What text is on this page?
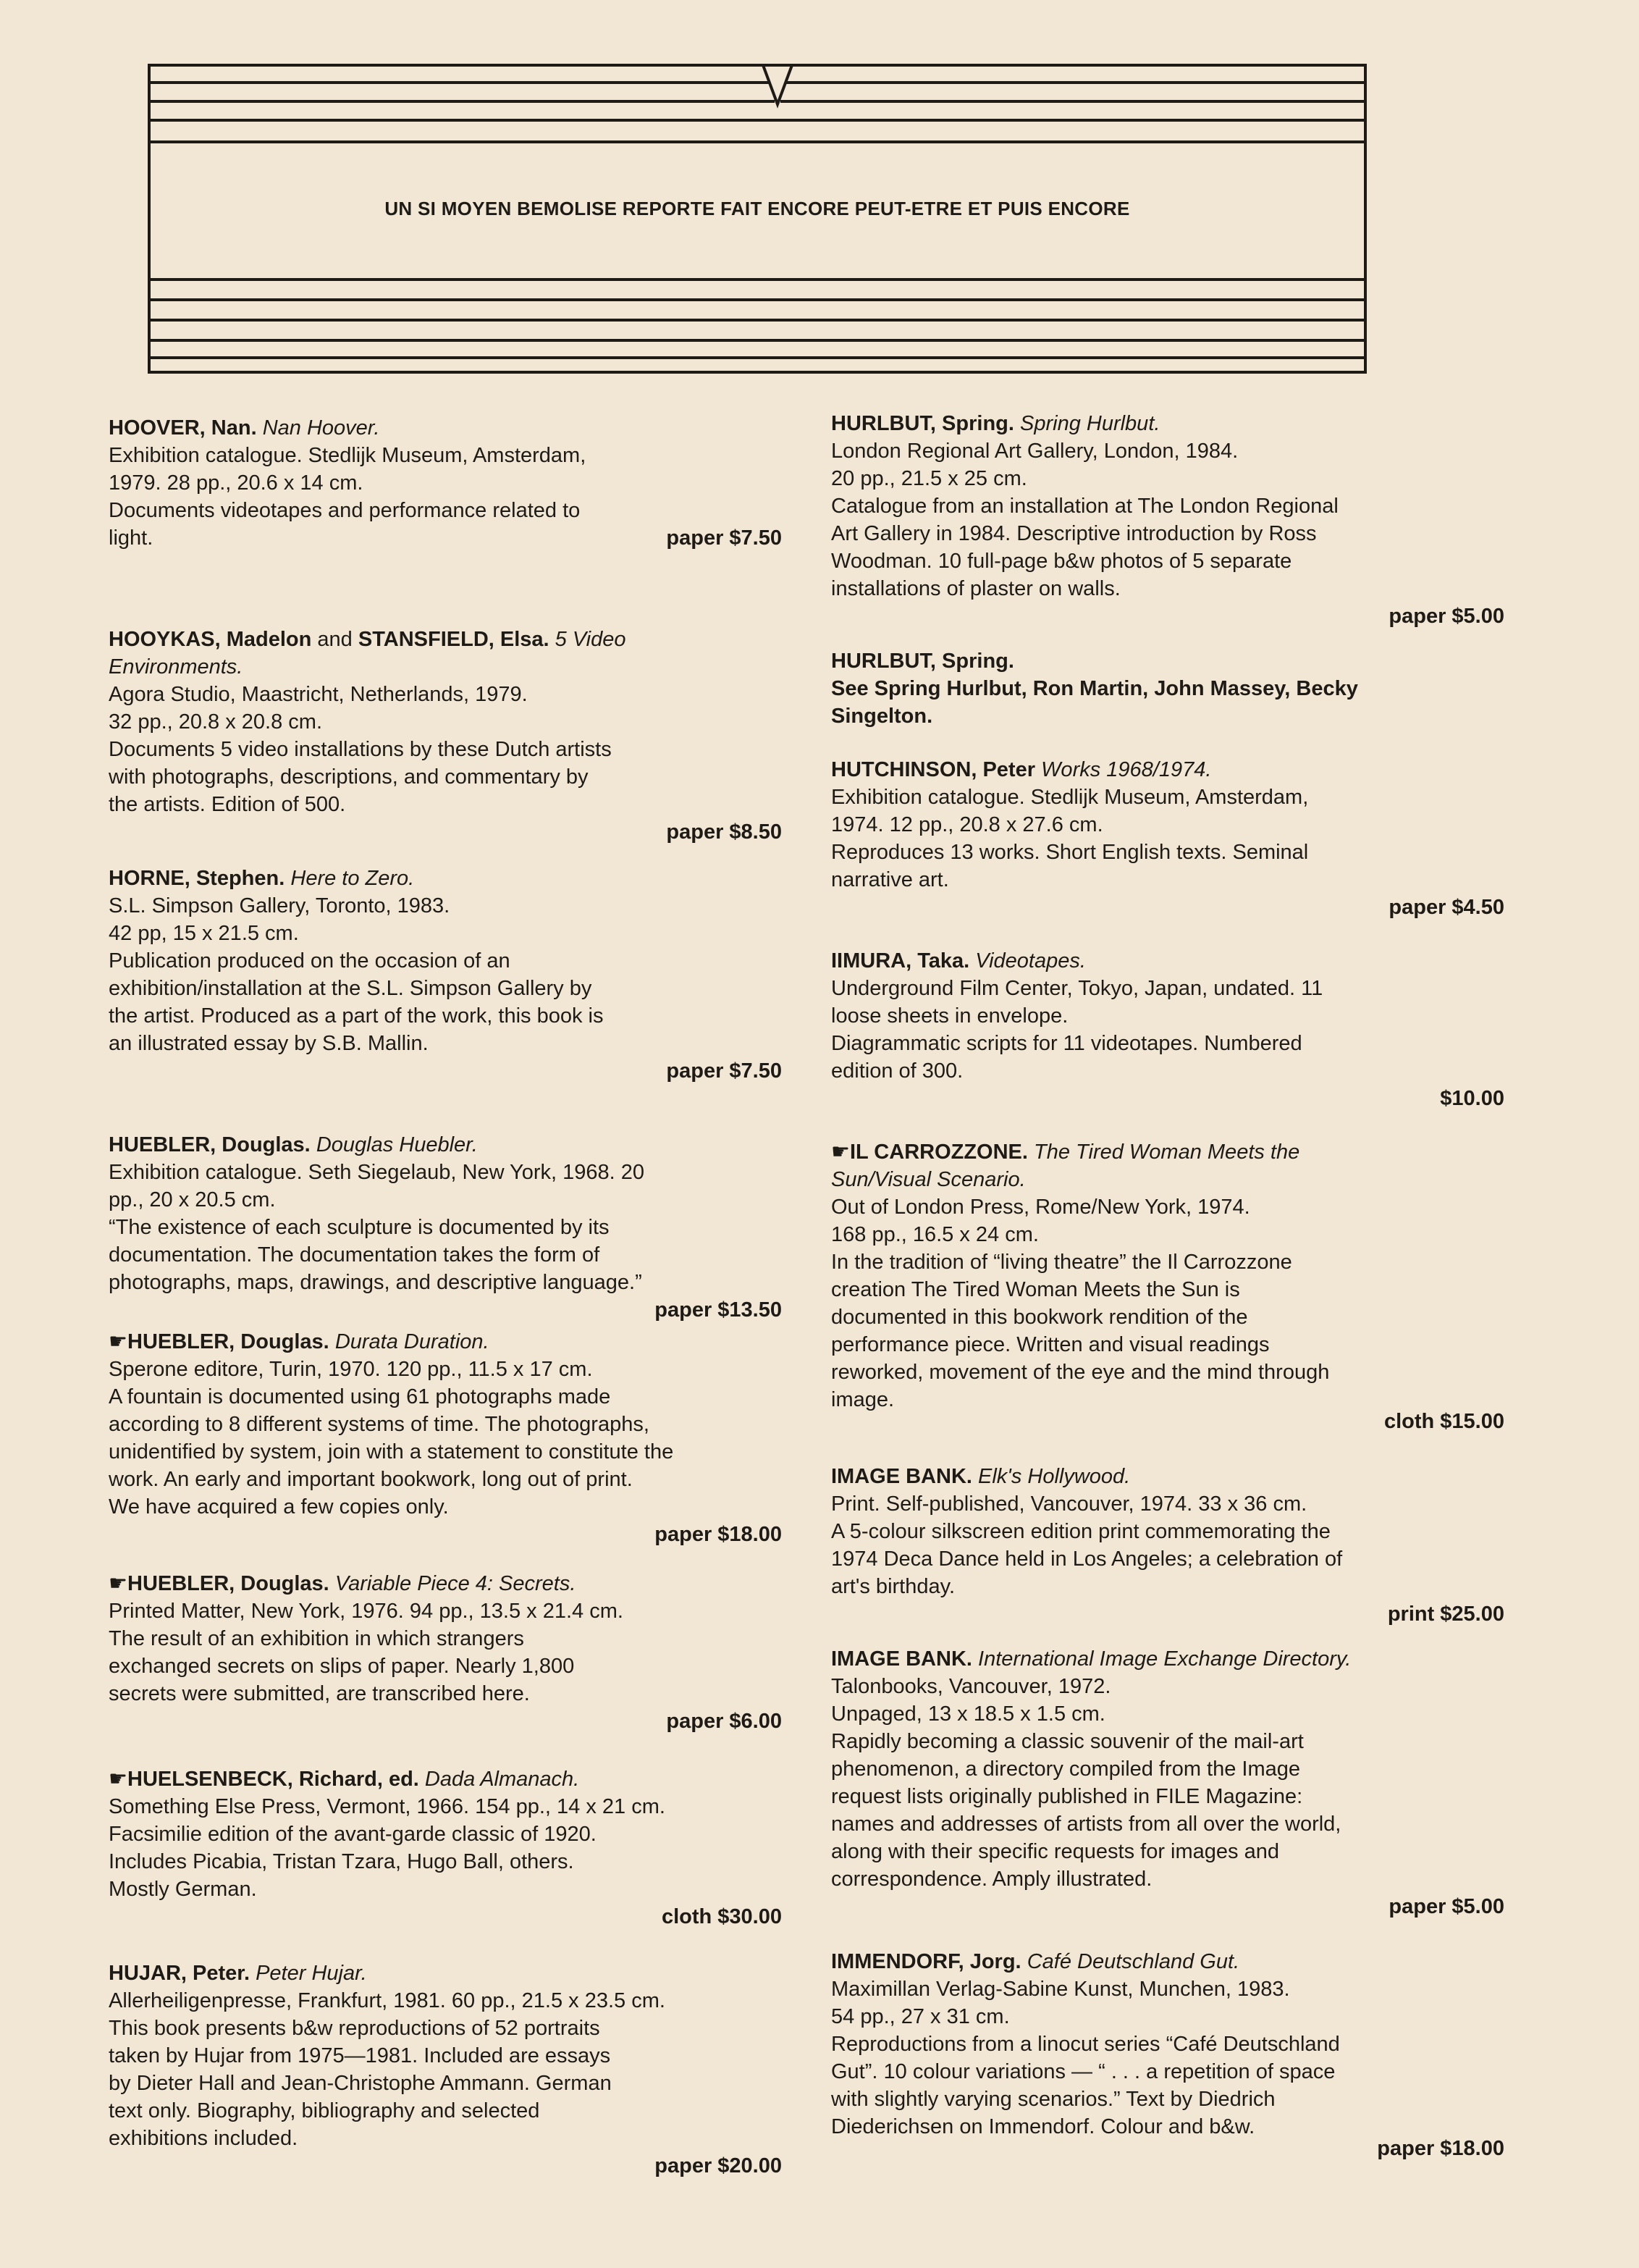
UN SI MOYEN BEMOLISE REPORTE FAIT ENCORE PEUT-ETRE ET PUIS ENCORE

HOOVER, Nan. Nan Hoover.

Exhibition catalogue. Stedlijk Museum, Amsterdam,

1979. 28 pp., 20.6 x 14 cm.

Documents videotapes and performance related to

light.	paper $7.50

HOOYKAS, Madelon and STANSFIELD, Elsa. 5 Video

Environments.

Agora Studio, Maastricht, Netherlands, 1979.

32 pp., 20.8 x 20.8 cm.

Documents 5 video installations by these Dutch artists

with photographs, descriptions, and commentary by

the artists. Edition of 500.

paper $8.50

HORNE, Stephen. Here to Zero.

S.L. Simpson Gallery, Toronto, 1983.

42 pp, 15 x 21.5 cm.

Publication produced on the occasion of an

exhibition/installation at the S.L. Simpson Gallery by

the artist. Produced as a part of the work, this book is

an illustrated essay by S.B. Mallin.

paper $7.50

HUEBLER, Douglas. Douglas Huebler.

Exhibition catalogue. Seth Siegelaub, New York, 1968. 20

pp., 20 x 20.5 cm.

“The existence of each sculpture is documented by its

documentation. The documentation takes the form of

photographs, maps, drawings, and descriptive language.”

paper $13.50

☛HUEBLER, Douglas. Durata Duration.

Sperone editore, Turin, 1970. 120 pp., 11.5 x 17 cm.

A fountain is documented using 61 photographs made

according to 8 different systems of time. The photographs,

unidentified by system, join with a statement to constitute the

work. An early and important bookwork, long out of print.

We have acquired a few copies only.

paper $18.00

☛HUEBLER, Douglas. Variable Piece 4: Secrets.

Printed Matter, New York, 1976. 94 pp., 13.5 x 21.4 cm.

The result of an exhibition in which strangers

exchanged secrets on slips of paper. Nearly 1,800

secrets were submitted, are transcribed here.

paper $6.00

☛HUELSENBECK, Richard, ed. Dada Almanach.

Something Else Press, Vermont, 1966. 154 pp., 14 x 21 cm.

Facsimilie edition of the avant-garde classic of 1920.

Includes Picabia, Tristan Tzara, Hugo Ball, others.

Mostly German.

cloth $30.00

HUJAR, Peter. Peter Hujar.

Allerheiligenpresse, Frankfurt, 1981. 60 pp., 21.5 x 23.5 cm.

This book presents b&w reproductions of 52 portraits

taken by Hujar from 1975—1981. Included are essays

by Dieter Hall and Jean-Christophe Ammann. German

text only. Biography, bibliography and selected

exhibitions included.

paper $20.00

HURLBUT, Spring. Spring Hurlbut.

London Regional Art Gallery, London, 1984.

20 pp., 21.5 x 25 cm.

Catalogue from an installation at The London Regional

Art Gallery in 1984. Descriptive introduction by Ross

Woodman. 10 full-page b&w photos of 5 separate

installations of plaster on walls.

paper $5.00

HURLBUT, Spring.

See Spring Hurlbut, Ron Martin, John Massey, Becky

Singelton.

HUTCHINSON, Peter Works 1968/1974.

Exhibition catalogue. Stedlijk Museum, Amsterdam,

1974. 12 pp., 20.8 x 27.6 cm.

Reproduces 13 works. Short English texts. Seminal

narrative art.

paper $4.50

IIMURA, Taka. Videotapes.

Underground Film Center, Tokyo, Japan, undated. 11

loose sheets in envelope.

Diagrammatic scripts for 11 videotapes. Numbered

edition of 300.

$10.00

☛IL CARROZZONE. The Tired Woman Meets the

Sun/Visual Scenario.

Out of London Press, Rome/New York, 1974.

168 pp., 16.5 x 24 cm.

In the tradition of “living theatre” the Il Carrozzone

creation The Tired Woman Meets the Sun is

documented in this bookwork rendition of the

performance piece. Written and visual readings

reworked, movement of the eye and the mind through

image.

cloth $15.00

IMAGE BANK. Elk's Hollywood.

Print. Self-published, Vancouver, 1974. 33 x 36 cm.

A 5-colour silkscreen edition print commemorating the

1974 Deca Dance held in Los Angeles; a celebration of

art's birthday.

print $25.00

IMAGE BANK. International Image Exchange Directory.

Talonbooks, Vancouver, 1972.

Unpaged, 13 x 18.5 x 1.5 cm.

Rapidly becoming a classic souvenir of the mail-art

phenomenon, a directory compiled from the Image

request lists originally published in FILE Magazine:

names and addresses of artists from all over the world,

along with their specific requests for images and

correspondence. Amply illustrated.

paper $5.00

IMMENDORF, Jorg. Café Deutschland Gut.

Maximillan Verlag-Sabine Kunst, Munchen, 1983.

54 pp., 27 x 31 cm.

Reproductions from a linocut series “Café Deutschland

Gut”. 10 colour variations — “ . . . a repetition of space

with slightly varying scenarios.” Text by Diedrich

Diederichsen on Immendorf. Colour and b&w.

paper $18.00
